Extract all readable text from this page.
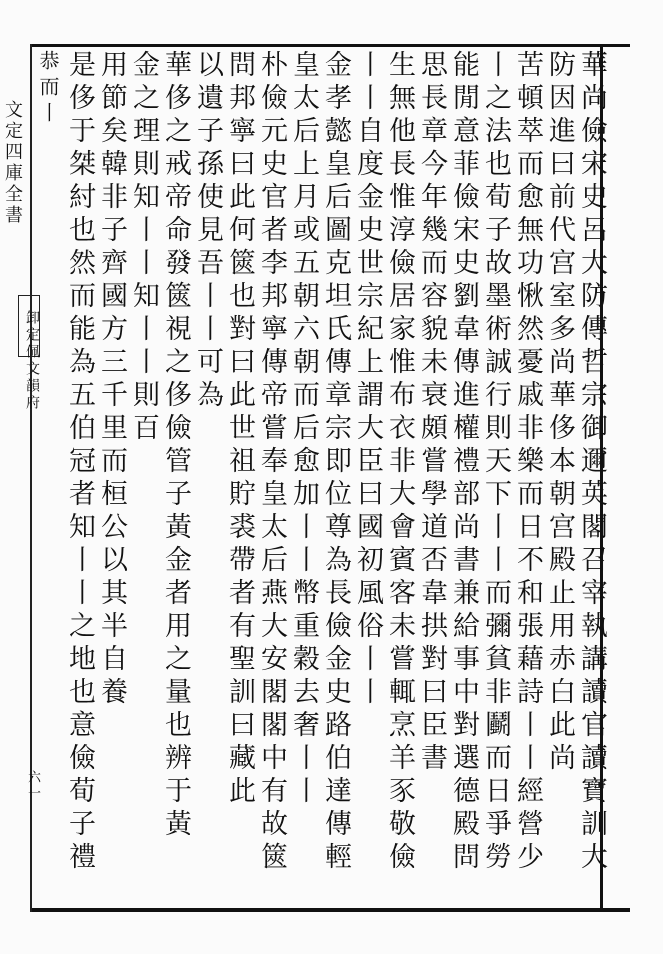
文定四庫全書
卸定佩文韻府
六一	華尚儉宋史呂大防傳哲宗御邇英閣召宰執講讀官讀寶訓大
防因進曰前代宫室多尚華侈本朝宫殿止用赤白此尚
苦頓萃而愈無功愀然憂戚非樂而日不和張藉詩丨丨經營少
丨之法也荀子故墨術誠行則天下丨丨而彌貧非鬬而日爭勞
能閒意菲儉宋史劉韋傳進權禮部尚書兼給事中對選德殿問
思長章今年幾而容貌未衰頗嘗學道否韋拱對曰臣書
生無他長惟淳儉居家惟布衣非大會賓客未嘗輒烹羊豕敬儉
丨丨自度金史世宗紀上謂大臣曰國初風俗丨丨
金孝懿皇后圖克坦氏傳章宗即位尊為長儉金史路伯達傳輕
皇太后上月或五朝六朝而后愈加丨丨幣重穀去奢丨丨
朴儉元史官者李邦寧傳帝嘗奉皇太后燕大安閣閣中有故篋
問邦寧曰此何篋也對曰此世祖貯裘帶者有聖訓曰藏此
以遺子孫使見吾丨丨可為
華侈之戒帝命發篋視之侈儉管子黃金者用之量也辨于黃
金之理則知丨丨知丨丨則百
用節矣韓非子齊國方三千里而桓公以其半自養
是侈于桀紂也然而能為五伯冠者知丨丨之地也意儉荀子禮
恭而丨
